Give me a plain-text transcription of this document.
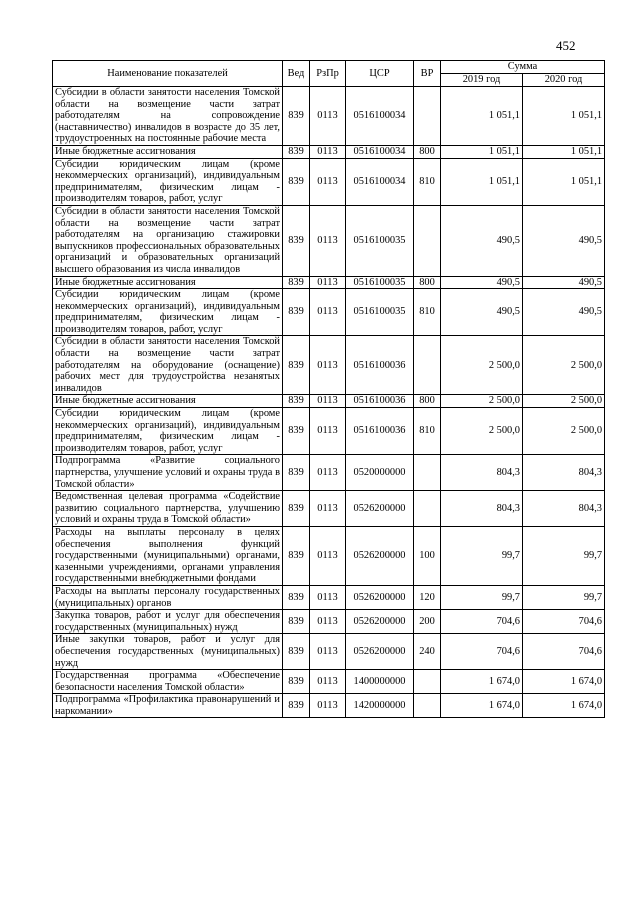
452
Наименование показателей	Вед	РзПр	ЦСР	ВР	Сумма	
					2019 год	2020 год
Субсидии в области занятости населения Томской области на возмещение части затрат работодателям на сопровождение (наставничество) инвалидов в возрасте до 35 лет, трудоустроенных на постоянные рабочие места	839	0113	0516100034		1 051,1	1 051,1
Иные бюджетные ассигнования	839	0113	0516100034	800	1 051,1	1 051,1
Субсидии юридическим лицам (кроме некоммерческих организаций), индивидуальным предпринимателям, физическим лицам - производителям товаров, работ, услуг	839	0113	0516100034	810	1 051,1	1 051,1
Субсидии в области занятости населения Томской области на возмещение части затрат работодателям на организацию стажировки выпускников профессиональных образовательных организаций и образовательных организаций высшего образования из числа инвалидов	839	0113	0516100035		490,5	490,5
Иные бюджетные ассигнования	839	0113	0516100035	800	490,5	490,5
Субсидии юридическим лицам (кроме некоммерческих организаций), индивидуальным предпринимателям, физическим лицам - производителям товаров, работ, услуг	839	0113	0516100035	810	490,5	490,5
Субсидии в области занятости населения Томской области на возмещение части затрат работодателям на оборудование (оснащение) рабочих мест для трудоустройства незанятых инвалидов	839	0113	0516100036		2 500,0	2 500,0
Иные бюджетные ассигнования	839	0113	0516100036	800	2 500,0	2 500,0
Субсидии юридическим лицам (кроме некоммерческих организаций), индивидуальным предпринимателям, физическим лицам - производителям товаров, работ, услуг	839	0113	0516100036	810	2 500,0	2 500,0
Подпрограмма «Развитие социального партнерства, улучшение условий и охраны труда в Томской области»	839	0113	0520000000		804,3	804,3
Ведомственная целевая программа «Содействие развитию социального партнерства, улучшению условий и охраны труда в Томской области»	839	0113	0526200000		804,3	804,3
Расходы на выплаты персоналу в целях обеспечения выполнения функций государственными (муниципальными) органами, казенными учреждениями, органами управления государственными внебюджетными фондами	839	0113	0526200000	100	99,7	99,7
Расходы на выплаты персоналу государственных (муниципальных) органов	839	0113	0526200000	120	99,7	99,7
Закупка товаров, работ и услуг для обеспечения государственных (муниципальных) нужд	839	0113	0526200000	200	704,6	704,6
Иные закупки товаров, работ и услуг для обеспечения государственных (муниципальных) нужд	839	0113	0526200000	240	704,6	704,6
Государственная программа «Обеспечение безопасности населения Томской области»	839	0113	1400000000		1 674,0	1 674,0
Подпрограмма «Профилактика правонарушений и наркомании»	839	0113	1420000000		1 674,0	1 674,0
